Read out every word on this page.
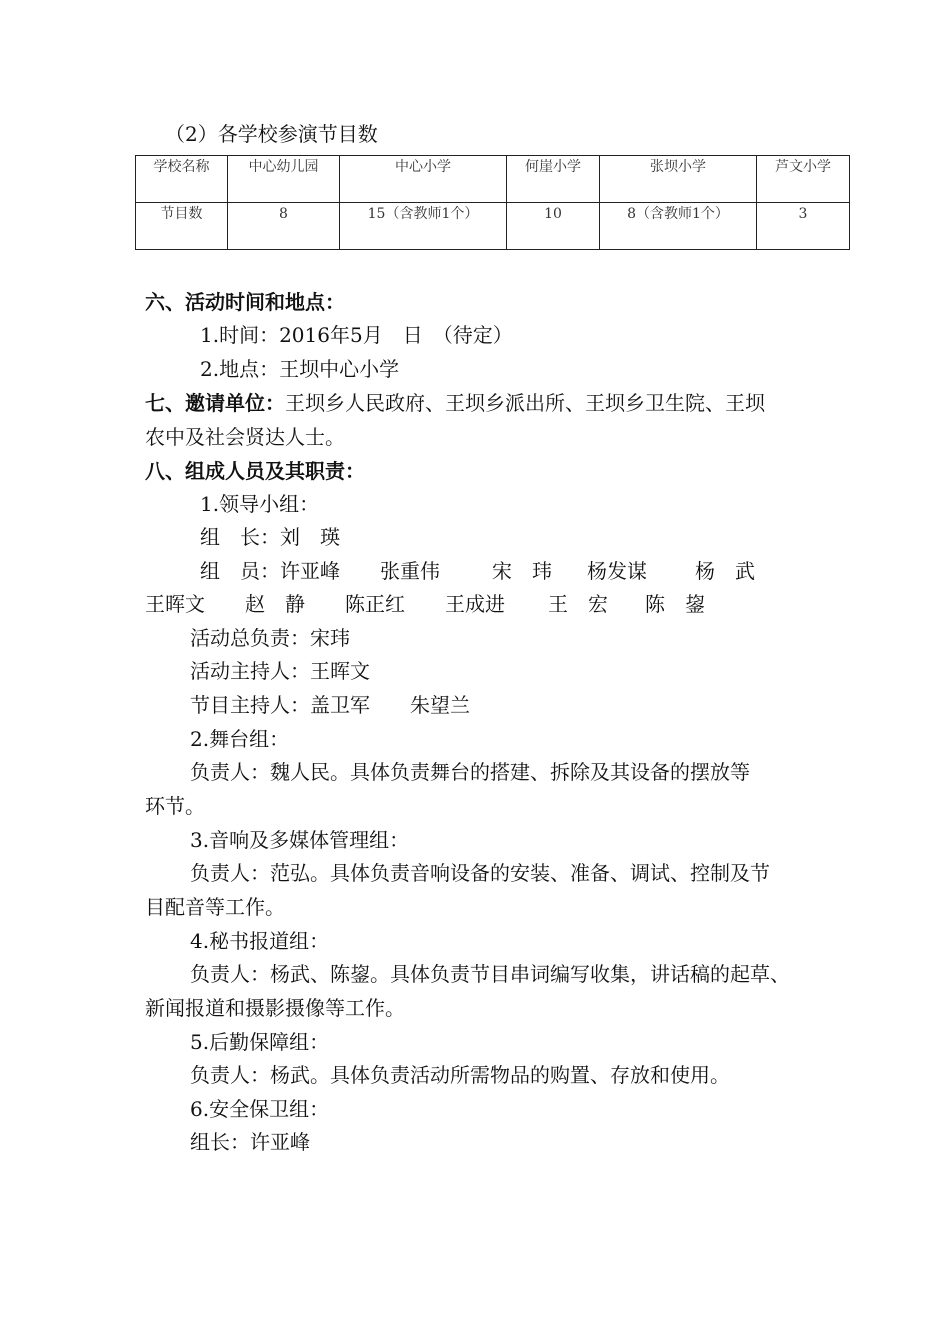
（2）各学校参演节目数
学校名称	中心幼儿园	中心小学	何崖小学	张坝小学	芦文小学
节目数	8	15（含教师1个）	10	8（含教师1个）	3
六、活动时间和地点：
1.时间：2016年5月　日　（待定）
2.地点：王坝中心小学
七、邀请单位：王坝乡人民政府、王坝乡派出所、王坝乡卫生院、王坝
农中及社会贤达人士。
八、组成人员及其职责：
1.领导小组：
组　长：刘　瑛
组　员：许亚峰 张重伟	宋　玮 杨发谋 杨　武
王晖文 赵　静 陈正红 王成进 王　宏 陈　鋆
活动总负责：宋玮
活动主持人：王晖文
节目主持人：盖卫军　　朱望兰
2.舞台组：
负责人：魏人民。具体负责舞台的搭建、拆除及其设备的摆放等
环节。
3.音响及多媒体管理组：
负责人：范弘。具体负责音响设备的安装、准备、调试、控制及节
目配音等工作。
4.秘书报道组：
负责人：杨武、陈鋆。具体负责节目串词编写收集，讲话稿的起草、
新闻报道和摄影摄像等工作。
5.后勤保障组：
负责人：杨武。具体负责活动所需物品的购置、存放和使用。
6.安全保卫组：
组长：许亚峰
